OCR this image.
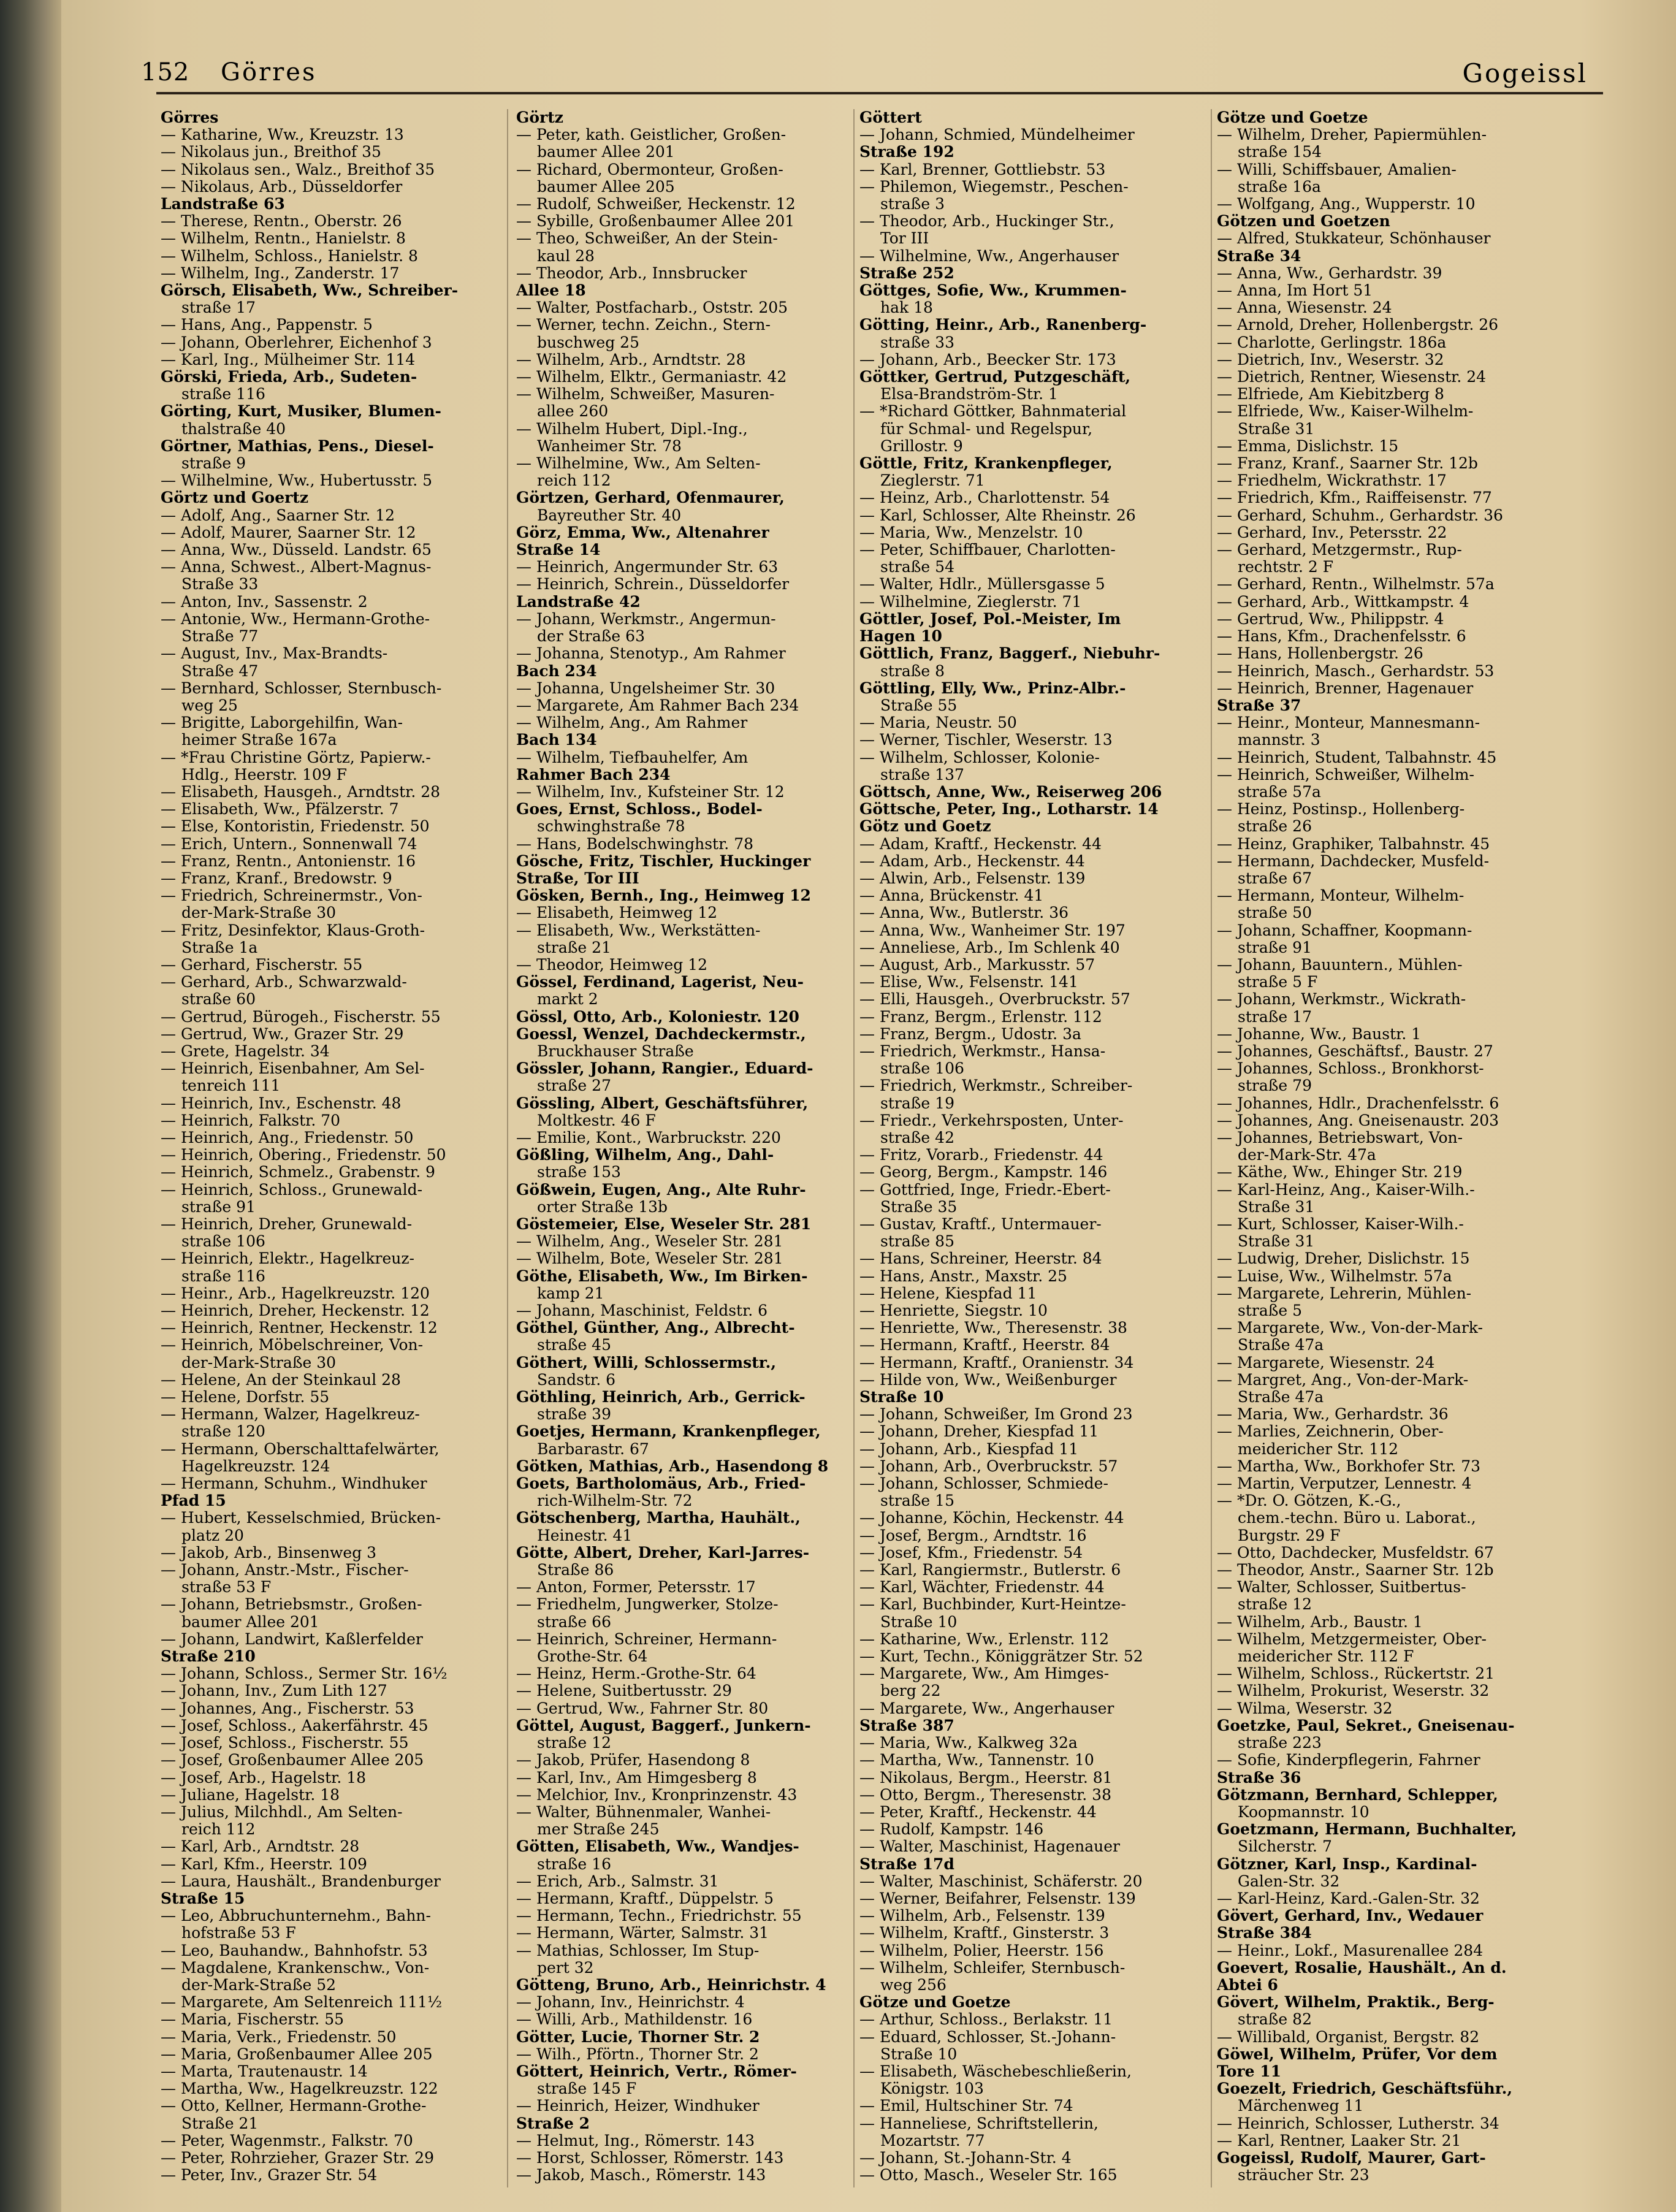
152 Görres	Gogeissl
Görres
— Katharine, Ww., Kreuzstr. 13
— Nikolaus jun., Breithof 35
— Nikolaus sen., Walz., Breithof 35
— Nikolaus, Arb., Düsseldorfer
Landstraße 63
— Therese, Rentn., Oberstr. 26
— Wilhelm, Rentn., Hanielstr. 8
— Wilhelm, Schloss., Hanielstr. 8
— Wilhelm, Ing., Zanderstr. 17
Görsch, Elisabeth, Ww., Schreiber-
straße 17
— Hans, Ang., Pappenstr. 5
— Johann, Oberlehrer, Eichenhof 3
— Karl, Ing., Mülheimer Str. 114
Görski, Frieda, Arb., Sudeten-
straße 116
Görting, Kurt, Musiker, Blumen-
thalstraße 40
Görtner, Mathias, Pens., Diesel-
straße 9
— Wilhelmine, Ww., Hubertusstr. 5
Görtz und Goertz
— Adolf, Ang., Saarner Str. 12
— Adolf, Maurer, Saarner Str. 12
— Anna, Ww., Düsseld. Landstr. 65
— Anna, Schwest., Albert-Magnus-
Straße 33
— Anton, Inv., Sassenstr. 2
— Antonie, Ww., Hermann-Grothe-
Straße 77
— August, Inv., Max-Brandts-
Straße 47
— Bernhard, Schlosser, Sternbusch-
weg 25
— Brigitte, Laborgehilfin, Wan-
heimer Straße 167a
— *Frau Christine Görtz, Papierw.-
Hdlg., Heerstr. 109 F
— Elisabeth, Hausgeh., Arndtstr. 28
— Elisabeth, Ww., Pfälzerstr. 7
— Else, Kontoristin, Friedenstr. 50
— Erich, Untern., Sonnenwall 74
— Franz, Rentn., Antonienstr. 16
— Franz, Kranf., Bredowstr. 9
— Friedrich, Schreinermstr., Von-
der-Mark-Straße 30
— Fritz, Desinfektor, Klaus-Groth-
Straße 1a
— Gerhard, Fischerstr. 55
— Gerhard, Arb., Schwarzwald-
straße 60
— Gertrud, Bürogeh., Fischerstr. 55
— Gertrud, Ww., Grazer Str. 29
— Grete, Hagelstr. 34
— Heinrich, Eisenbahner, Am Sel-
tenreich 111
— Heinrich, Inv., Eschenstr. 48
— Heinrich, Falkstr. 70
— Heinrich, Ang., Friedenstr. 50
— Heinrich, Obering., Friedenstr. 50
— Heinrich, Schmelz., Grabenstr. 9
— Heinrich, Schloss., Grunewald-
straße 91
— Heinrich, Dreher, Grunewald-
straße 106
— Heinrich, Elektr., Hagelkreuz-
straße 116
— Heinr., Arb., Hagelkreuzstr. 120
— Heinrich, Dreher, Heckenstr. 12
— Heinrich, Rentner, Heckenstr. 12
— Heinrich, Möbelschreiner, Von-
der-Mark-Straße 30
— Helene, An der Steinkaul 28
— Helene, Dorfstr. 55
— Hermann, Walzer, Hagelkreuz-
straße 120
— Hermann, Oberschalttafelwärter,
Hagelkreuzstr. 124
— Hermann, Schuhm., Windhuker
Pfad 15
— Hubert, Kesselschmied, Brücken-
platz 20
— Jakob, Arb., Binsenweg 3
— Johann, Anstr.-Mstr., Fischer-
straße 53 F
— Johann, Betriebsmstr., Großen-
baumer Allee 201
— Johann, Landwirt, Kaßlerfelder
Straße 210
— Johann, Schloss., Sermer Str. 16½
— Johann, Inv., Zum Lith 127
— Johannes, Ang., Fischerstr. 53
— Josef, Schloss., Aakerfährstr. 45
— Josef, Schloss., Fischerstr. 55
— Josef, Großenbaumer Allee 205
— Josef, Arb., Hagelstr. 18
— Juliane, Hagelstr. 18
— Julius, Milchhdl., Am Selten-
reich 112
— Karl, Arb., Arndtstr. 28
— Karl, Kfm., Heerstr. 109
— Laura, Haushält., Brandenburger
Straße 15
— Leo, Abbruchunternehm., Bahn-
hofstraße 53 F
— Leo, Bauhandw., Bahnhofstr. 53
— Magdalene, Krankenschw., Von-
der-Mark-Straße 52
— Margarete, Am Seltenreich 111½
— Maria, Fischerstr. 55
— Maria, Verk., Friedenstr. 50
— Maria, Großenbaumer Allee 205
— Marta, Trautenaustr. 14
— Martha, Ww., Hagelkreuzstr. 122
— Otto, Kellner, Hermann-Grothe-
Straße 21
— Peter, Wagenmstr., Falkstr. 70
— Peter, Rohrzieher, Grazer Str. 29
— Peter, Inv., Grazer Str. 54
Görtz
— Peter, kath. Geistlicher, Großen-
baumer Allee 201
— Richard, Obermonteur, Großen-
baumer Allee 205
— Rudolf, Schweißer, Heckenstr. 12
— Sybille, Großenbaumer Allee 201
— Theo, Schweißer, An der Stein-
kaul 28
— Theodor, Arb., Innsbrucker
Allee 18
— Walter, Postfacharb., Oststr. 205
— Werner, techn. Zeichn., Stern-
buschweg 25
— Wilhelm, Arb., Arndtstr. 28
— Wilhelm, Elktr., Germaniastr. 42
— Wilhelm, Schweißer, Masuren-
allee 260
— Wilhelm Hubert, Dipl.-Ing.,
Wanheimer Str. 78
— Wilhelmine, Ww., Am Selten-
reich 112
Görtzen, Gerhard, Ofenmaurer,
Bayreuther Str. 40
Görz, Emma, Ww., Altenahrer
Straße 14
— Heinrich, Angermunder Str. 63
— Heinrich, Schrein., Düsseldorfer
Landstraße 42
— Johann, Werkmstr., Angermun-
der Straße 63
— Johanna, Stenotyp., Am Rahmer
Bach 234
— Johanna, Ungelsheimer Str. 30
— Margarete, Am Rahmer Bach 234
— Wilhelm, Ang., Am Rahmer
Bach 134
— Wilhelm, Tiefbauhelfer, Am
Rahmer Bach 234
— Wilhelm, Inv., Kufsteiner Str. 12
Goes, Ernst, Schloss., Bodel-
schwinghstraße 78
— Hans, Bodelschwinghstr. 78
Gösche, Fritz, Tischler, Huckinger
Straße, Tor III
Gösken, Bernh., Ing., Heimweg 12
— Elisabeth, Heimweg 12
— Elisabeth, Ww., Werkstätten-
straße 21
— Theodor, Heimweg 12
Gössel, Ferdinand, Lagerist, Neu-
markt 2
Gössl, Otto, Arb., Koloniestr. 120
Goessl, Wenzel, Dachdeckermstr.,
Bruckhauser Straße
Gössler, Johann, Rangier., Eduard-
straße 27
Gössling, Albert, Geschäftsführer,
Moltkestr. 46 F
— Emilie, Kont., Warbruckstr. 220
Gößling, Wilhelm, Ang., Dahl-
straße 153
Gößwein, Eugen, Ang., Alte Ruhr-
orter Straße 13b
Göstemeier, Else, Weseler Str. 281
— Wilhelm, Ang., Weseler Str. 281
— Wilhelm, Bote, Weseler Str. 281
Göthe, Elisabeth, Ww., Im Birken-
kamp 21
— Johann, Maschinist, Feldstr. 6
Göthel, Günther, Ang., Albrecht-
straße 45
Göthert, Willi, Schlossermstr.,
Sandstr. 6
Göthling, Heinrich, Arb., Gerrick-
straße 39
Goetjes, Hermann, Krankenpfleger,
Barbarastr. 67
Götken, Mathias, Arb., Hasendong 8
Goets, Bartholomäus, Arb., Fried-
rich-Wilhelm-Str. 72
Götschenberg, Martha, Hauhält.,
Heinestr. 41
Götte, Albert, Dreher, Karl-Jarres-
Straße 86
— Anton, Former, Petersstr. 17
— Friedhelm, Jungwerker, Stolze-
straße 66
— Heinrich, Schreiner, Hermann-
Grothe-Str. 64
— Heinz, Herm.-Grothe-Str. 64
— Helene, Suitbertusstr. 29
— Gertrud, Ww., Fahrner Str. 80
Göttel, August, Baggerf., Junkern-
straße 12
— Jakob, Prüfer, Hasendong 8
— Karl, Inv., Am Himgesberg 8
— Melchior, Inv., Kronprinzenstr. 43
— Walter, Bühnenmaler, Wanhei-
mer Straße 245
Götten, Elisabeth, Ww., Wandjes-
straße 16
— Erich, Arb., Salmstr. 31
— Hermann, Kraftf., Düppelstr. 5
— Hermann, Techn., Friedrichstr. 55
— Hermann, Wärter, Salmstr. 31
— Mathias, Schlosser, Im Stup-
pert 32
Götteng, Bruno, Arb., Heinrichstr. 4
— Johann, Inv., Heinrichstr. 4
— Willi, Arb., Mathildenstr. 16
Götter, Lucie, Thorner Str. 2
— Wilh., Pförtn., Thorner Str. 2
Göttert, Heinrich, Vertr., Römer-
straße 145 F
— Heinrich, Heizer, Windhuker
Straße 2
— Helmut, Ing., Römerstr. 143
— Horst, Schlosser, Römerstr. 143
— Jakob, Masch., Römerstr. 143
Göttert
— Johann, Schmied, Mündelheimer
Straße 192
— Karl, Brenner, Gottliebstr. 53
— Philemon, Wiegemstr., Peschen-
straße 3
— Theodor, Arb., Huckinger Str.,
Tor III
— Wilhelmine, Ww., Angerhauser
Straße 252
Göttges, Sofie, Ww., Krummen-
hak 18
Götting, Heinr., Arb., Ranenberg-
straße 33
— Johann, Arb., Beecker Str. 173
Göttker, Gertrud, Putzgeschäft,
Elsa-Brandström-Str. 1
— *Richard Göttker, Bahnmaterial
für Schmal- und Regelspur,
Grillostr. 9
Göttle, Fritz, Krankenpfleger,
Zieglerstr. 71
— Heinz, Arb., Charlottenstr. 54
— Karl, Schlosser, Alte Rheinstr. 26
— Maria, Ww., Menzelstr. 10
— Peter, Schiffbauer, Charlotten-
straße 54
— Walter, Hdlr., Müllersgasse 5
— Wilhelmine, Zieglerstr. 71
Göttler, Josef, Pol.-Meister, Im
Hagen 10
Göttlich, Franz, Baggerf., Niebuhr-
straße 8
Göttling, Elly, Ww., Prinz-Albr.-
Straße 55
— Maria, Neustr. 50
— Werner, Tischler, Weserstr. 13
— Wilhelm, Schlosser, Kolonie-
straße 137
Göttsch, Anne, Ww., Reiserweg 206
Göttsche, Peter, Ing., Lotharstr. 14
Götz und Goetz
— Adam, Kraftf., Heckenstr. 44
— Adam, Arb., Heckenstr. 44
— Alwin, Arb., Felsenstr. 139
— Anna, Brückenstr. 41
— Anna, Ww., Butlerstr. 36
— Anna, Ww., Wanheimer Str. 197
— Anneliese, Arb., Im Schlenk 40
— August, Arb., Markusstr. 57
— Elise, Ww., Felsenstr. 141
— Elli, Hausgeh., Overbruckstr. 57
— Franz, Bergm., Erlenstr. 112
— Franz, Bergm., Udostr. 3a
— Friedrich, Werkmstr., Hansa-
straße 106
— Friedrich, Werkmstr., Schreiber-
straße 19
— Friedr., Verkehrsposten, Unter-
straße 42
— Fritz, Vorarb., Friedenstr. 44
— Georg, Bergm., Kampstr. 146
— Gottfried, Inge, Friedr.-Ebert-
Straße 35
— Gustav, Kraftf., Untermauer-
straße 85
— Hans, Schreiner, Heerstr. 84
— Hans, Anstr., Maxstr. 25
— Helene, Kiespfad 11
— Henriette, Siegstr. 10
— Henriette, Ww., Theresenstr. 38
— Hermann, Kraftf., Heerstr. 84
— Hermann, Kraftf., Oranienstr. 34
— Hilde von, Ww., Weißenburger
Straße 10
— Johann, Schweißer, Im Grond 23
— Johann, Dreher, Kiespfad 11
— Johann, Arb., Kiespfad 11
— Johann, Arb., Overbruckstr. 57
— Johann, Schlosser, Schmiede-
straße 15
— Johanne, Köchin, Heckenstr. 44
— Josef, Bergm., Arndtstr. 16
— Josef, Kfm., Friedenstr. 54
— Karl, Rangiermstr., Butlerstr. 6
— Karl, Wächter, Friedenstr. 44
— Karl, Buchbinder, Kurt-Heintze-
Straße 10
— Katharine, Ww., Erlenstr. 112
— Kurt, Techn., Königgrätzer Str. 52
— Margarete, Ww., Am Himges-
berg 22
— Margarete, Ww., Angerhauser
Straße 387
— Maria, Ww., Kalkweg 32a
— Martha, Ww., Tannenstr. 10
— Nikolaus, Bergm., Heerstr. 81
— Otto, Bergm., Theresenstr. 38
— Peter, Kraftf., Heckenstr. 44
— Rudolf, Kampstr. 146
— Walter, Maschinist, Hagenauer
Straße 17d
— Walter, Maschinist, Schäferstr. 20
— Werner, Beifahrer, Felsenstr. 139
— Wilhelm, Arb., Felsenstr. 139
— Wilhelm, Kraftf., Ginsterstr. 3
— Wilhelm, Polier, Heerstr. 156
— Wilhelm, Schleifer, Sternbusch-
weg 256
Götze und Goetze
— Arthur, Schloss., Berlakstr. 11
— Eduard, Schlosser, St.-Johann-
Straße 10
— Elisabeth, Wäschebeschließerin,
Königstr. 103
— Emil, Hultschiner Str. 74
— Hanneliese, Schriftstellerin,
Mozartstr. 77
— Johann, St.-Johann-Str. 4
— Otto, Masch., Weseler Str. 165
Götze und Goetze
— Wilhelm, Dreher, Papiermühlen-
straße 154
— Willi, Schiffsbauer, Amalien-
straße 16a
— Wolfgang, Ang., Wupperstr. 10
Götzen und Goetzen
— Alfred, Stukkateur, Schönhauser
Straße 34
— Anna, Ww., Gerhardstr. 39
— Anna, Im Hort 51
— Anna, Wiesenstr. 24
— Arnold, Dreher, Hollenbergstr. 26
— Charlotte, Gerlingstr. 186a
— Dietrich, Inv., Weserstr. 32
— Dietrich, Rentner, Wiesenstr. 24
— Elfriede, Am Kiebitzberg 8
— Elfriede, Ww., Kaiser-Wilhelm-
Straße 31
— Emma, Dislichstr. 15
— Franz, Kranf., Saarner Str. 12b
— Friedhelm, Wickrathstr. 17
— Friedrich, Kfm., Raiffeisenstr. 77
— Gerhard, Schuhm., Gerhardstr. 36
— Gerhard, Inv., Petersstr. 22
— Gerhard, Metzgermstr., Rup-
rechtstr. 2 F
— Gerhard, Rentn., Wilhelmstr. 57a
— Gerhard, Arb., Wittkampstr. 4
— Gertrud, Ww., Philippstr. 4
— Hans, Kfm., Drachenfelsstr. 6
— Hans, Hollenbergstr. 26
— Heinrich, Masch., Gerhardstr. 53
— Heinrich, Brenner, Hagenauer
Straße 37
— Heinr., Monteur, Mannesmann-
mannstr. 3
— Heinrich, Student, Talbahnstr. 45
— Heinrich, Schweißer, Wilhelm-
straße 57a
— Heinz, Postinsp., Hollenberg-
straße 26
— Heinz, Graphiker, Talbahnstr. 45
— Hermann, Dachdecker, Musfeld-
straße 67
— Hermann, Monteur, Wilhelm-
straße 50
— Johann, Schaffner, Koopmann-
straße 91
— Johann, Bauuntern., Mühlen-
straße 5 F
— Johann, Werkmstr., Wickrath-
straße 17
— Johanne, Ww., Baustr. 1
— Johannes, Geschäftsf., Baustr. 27
— Johannes, Schloss., Bronkhorst-
straße 79
— Johannes, Hdlr., Drachenfelsstr. 6
— Johannes, Ang. Gneisenaustr. 203
— Johannes, Betriebswart, Von-
der-Mark-Str. 47a
— Käthe, Ww., Ehinger Str. 219
— Karl-Heinz, Ang., Kaiser-Wilh.-
Straße 31
— Kurt, Schlosser, Kaiser-Wilh.-
Straße 31
— Ludwig, Dreher, Dislichstr. 15
— Luise, Ww., Wilhelmstr. 57a
— Margarete, Lehrerin, Mühlen-
straße 5
— Margarete, Ww., Von-der-Mark-
Straße 47a
— Margarete, Wiesenstr. 24
— Margret, Ang., Von-der-Mark-
Straße 47a
— Maria, Ww., Gerhardstr. 36
— Marlies, Zeichnerin, Ober-
meidericher Str. 112
— Martha, Ww., Borkhofer Str. 73
— Martin, Verputzer, Lennestr. 4
— *Dr. O. Götzen, K.-G.,
chem.-techn. Büro u. Laborat.,
Burgstr. 29 F
— Otto, Dachdecker, Musfeldstr. 67
— Theodor, Anstr., Saarner Str. 12b
— Walter, Schlosser, Suitbertus-
straße 12
— Wilhelm, Arb., Baustr. 1
— Wilhelm, Metzgermeister, Ober-
meidericher Str. 112 F
— Wilhelm, Schloss., Rückertstr. 21
— Wilhelm, Prokurist, Weserstr. 32
— Wilma, Weserstr. 32
Goetzke, Paul, Sekret., Gneisenau-
straße 223
— Sofie, Kinderpflegerin, Fahrner
Straße 36
Götzmann, Bernhard, Schlepper,
Koopmannstr. 10
Goetzmann, Hermann, Buchhalter,
Silcherstr. 7
Götzner, Karl, Insp., Kardinal-
Galen-Str. 32
— Karl-Heinz, Kard.-Galen-Str. 32
Gövert, Gerhard, Inv., Wedauer
Straße 384
— Heinr., Lokf., Masurenallee 284
Goevert, Rosalie, Haushält., An d.
Abtei 6
Gövert, Wilhelm, Praktik., Berg-
straße 82
— Willibald, Organist, Bergstr. 82
Göwel, Wilhelm, Prüfer, Vor dem
Tore 11
Goezelt, Friedrich, Geschäftsführ.,
Märchenweg 11
— Heinrich, Schlosser, Lutherstr. 34
— Karl, Rentner, Laaker Str. 21
Gogeissl, Rudolf, Maurer, Gart-
sträucher Str. 23
